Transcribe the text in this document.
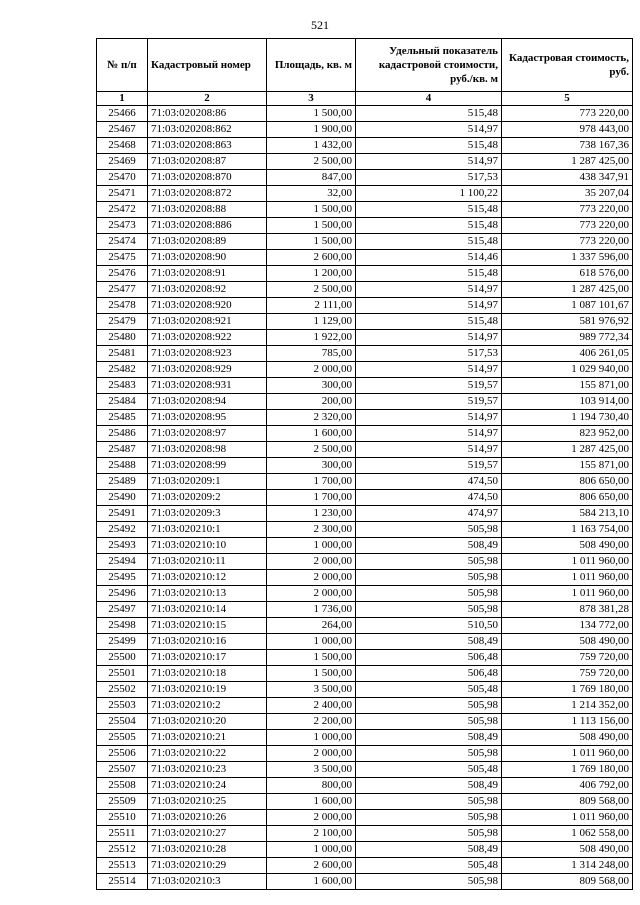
521
№ п/п	Кадастровый номер	Площадь, кв. м	Удельный показатель кадастровой стоимости, руб./кв. м	Кадастровая стоимость, руб.
1	2	3	4	5
25466	71:03:020208:86	1 500,00	515,48	773 220,00
25467	71:03:020208:862	1 900,00	514,97	978 443,00
25468	71:03:020208:863	1 432,00	515,48	738 167,36
25469	71:03:020208:87	2 500,00	514,97	1 287 425,00
25470	71:03:020208:870	847,00	517,53	438 347,91
25471	71:03:020208:872	32,00	1 100,22	35 207,04
25472	71:03:020208:88	1 500,00	515,48	773 220,00
25473	71:03:020208:886	1 500,00	515,48	773 220,00
25474	71:03:020208:89	1 500,00	515,48	773 220,00
25475	71:03:020208:90	2 600,00	514,46	1 337 596,00
25476	71:03:020208:91	1 200,00	515,48	618 576,00
25477	71:03:020208:92	2 500,00	514,97	1 287 425,00
25478	71:03:020208:920	2 111,00	514,97	1 087 101,67
25479	71:03:020208:921	1 129,00	515,48	581 976,92
25480	71:03:020208:922	1 922,00	514,97	989 772,34
25481	71:03:020208:923	785,00	517,53	406 261,05
25482	71:03:020208:929	2 000,00	514,97	1 029 940,00
25483	71:03:020208:931	300,00	519,57	155 871,00
25484	71:03:020208:94	200,00	519,57	103 914,00
25485	71:03:020208:95	2 320,00	514,97	1 194 730,40
25486	71:03:020208:97	1 600,00	514,97	823 952,00
25487	71:03:020208:98	2 500,00	514,97	1 287 425,00
25488	71:03:020208:99	300,00	519,57	155 871,00
25489	71:03:020209:1	1 700,00	474,50	806 650,00
25490	71:03:020209:2	1 700,00	474,50	806 650,00
25491	71:03:020209:3	1 230,00	474,97	584 213,10
25492	71:03:020210:1	2 300,00	505,98	1 163 754,00
25493	71:03:020210:10	1 000,00	508,49	508 490,00
25494	71:03:020210:11	2 000,00	505,98	1 011 960,00
25495	71:03:020210:12	2 000,00	505,98	1 011 960,00
25496	71:03:020210:13	2 000,00	505,98	1 011 960,00
25497	71:03:020210:14	1 736,00	505,98	878 381,28
25498	71:03:020210:15	264,00	510,50	134 772,00
25499	71:03:020210:16	1 000,00	508,49	508 490,00
25500	71:03:020210:17	1 500,00	506,48	759 720,00
25501	71:03:020210:18	1 500,00	506,48	759 720,00
25502	71:03:020210:19	3 500,00	505,48	1 769 180,00
25503	71:03:020210:2	2 400,00	505,98	1 214 352,00
25504	71:03:020210:20	2 200,00	505,98	1 113 156,00
25505	71:03:020210:21	1 000,00	508,49	508 490,00
25506	71:03:020210:22	2 000,00	505,98	1 011 960,00
25507	71:03:020210:23	3 500,00	505,48	1 769 180,00
25508	71:03:020210:24	800,00	508,49	406 792,00
25509	71:03:020210:25	1 600,00	505,98	809 568,00
25510	71:03:020210:26	2 000,00	505,98	1 011 960,00
25511	71:03:020210:27	2 100,00	505,98	1 062 558,00
25512	71:03:020210:28	1 000,00	508,49	508 490,00
25513	71:03:020210:29	2 600,00	505,48	1 314 248,00
25514	71:03:020210:3	1 600,00	505,98	809 568,00
